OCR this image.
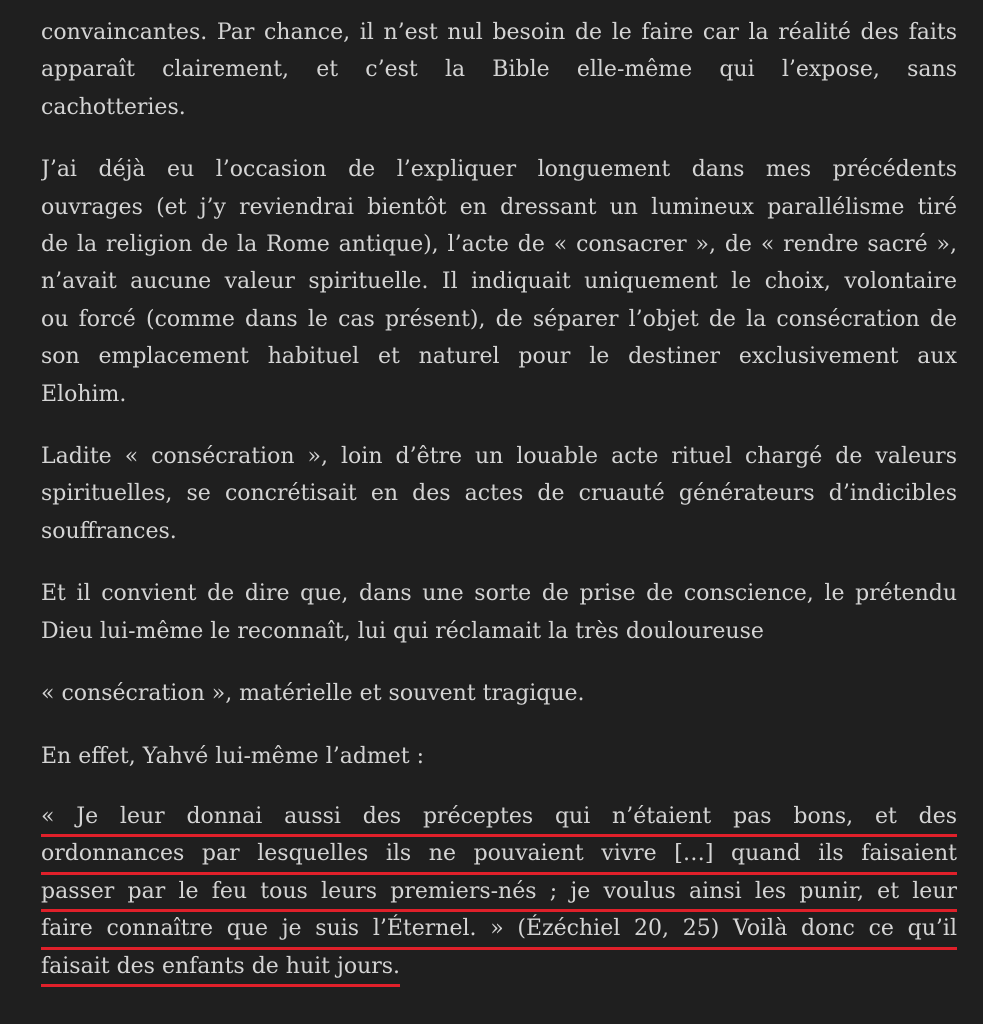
convaincantes. Par chance, il n’est nul besoin de le faire car la réalité des faits
apparaît clairement, et c’est la Bible elle-même qui l’expose, sans
cachotteries.

J’ai déjà eu l’occasion de l’expliquer longuement dans mes précédents
ouvrages (et j’y reviendrai bientôt en dressant un lumineux parallélisme tiré
de la religion de la Rome antique), l’acte de « consacrer », de « rendre sacré »,
n’avait aucune valeur spirituelle. Il indiquait uniquement le choix, volontaire
ou forcé (comme dans le cas présent), de séparer l’objet de la consécration de
son emplacement habituel et naturel pour le destiner exclusivement aux
Elohim.

Ladite « consécration », loin d’être un louable acte rituel chargé de valeurs
spirituelles, se concrétisait en des actes de cruauté générateurs d’indicibles
souffrances.

Et il convient de dire que, dans une sorte de prise de conscience, le prétendu
Dieu lui-même le reconnaît, lui qui réclamait la très douloureuse

« consécration », matérielle et souvent tragique.

En effet, Yahvé lui-même l’admet :

« Je leur donnai aussi des préceptes qui n’étaient pas bons, et des
ordonnances par lesquelles ils ne pouvaient vivre […] quand ils faisaient
passer par le feu tous leurs premiers-nés ; je voulus ainsi les punir, et leur
faire connaître que je suis l’Éternel. » (Ézéchiel 20, 25) Voilà donc ce qu’il
faisait des enfants de huit jours.
